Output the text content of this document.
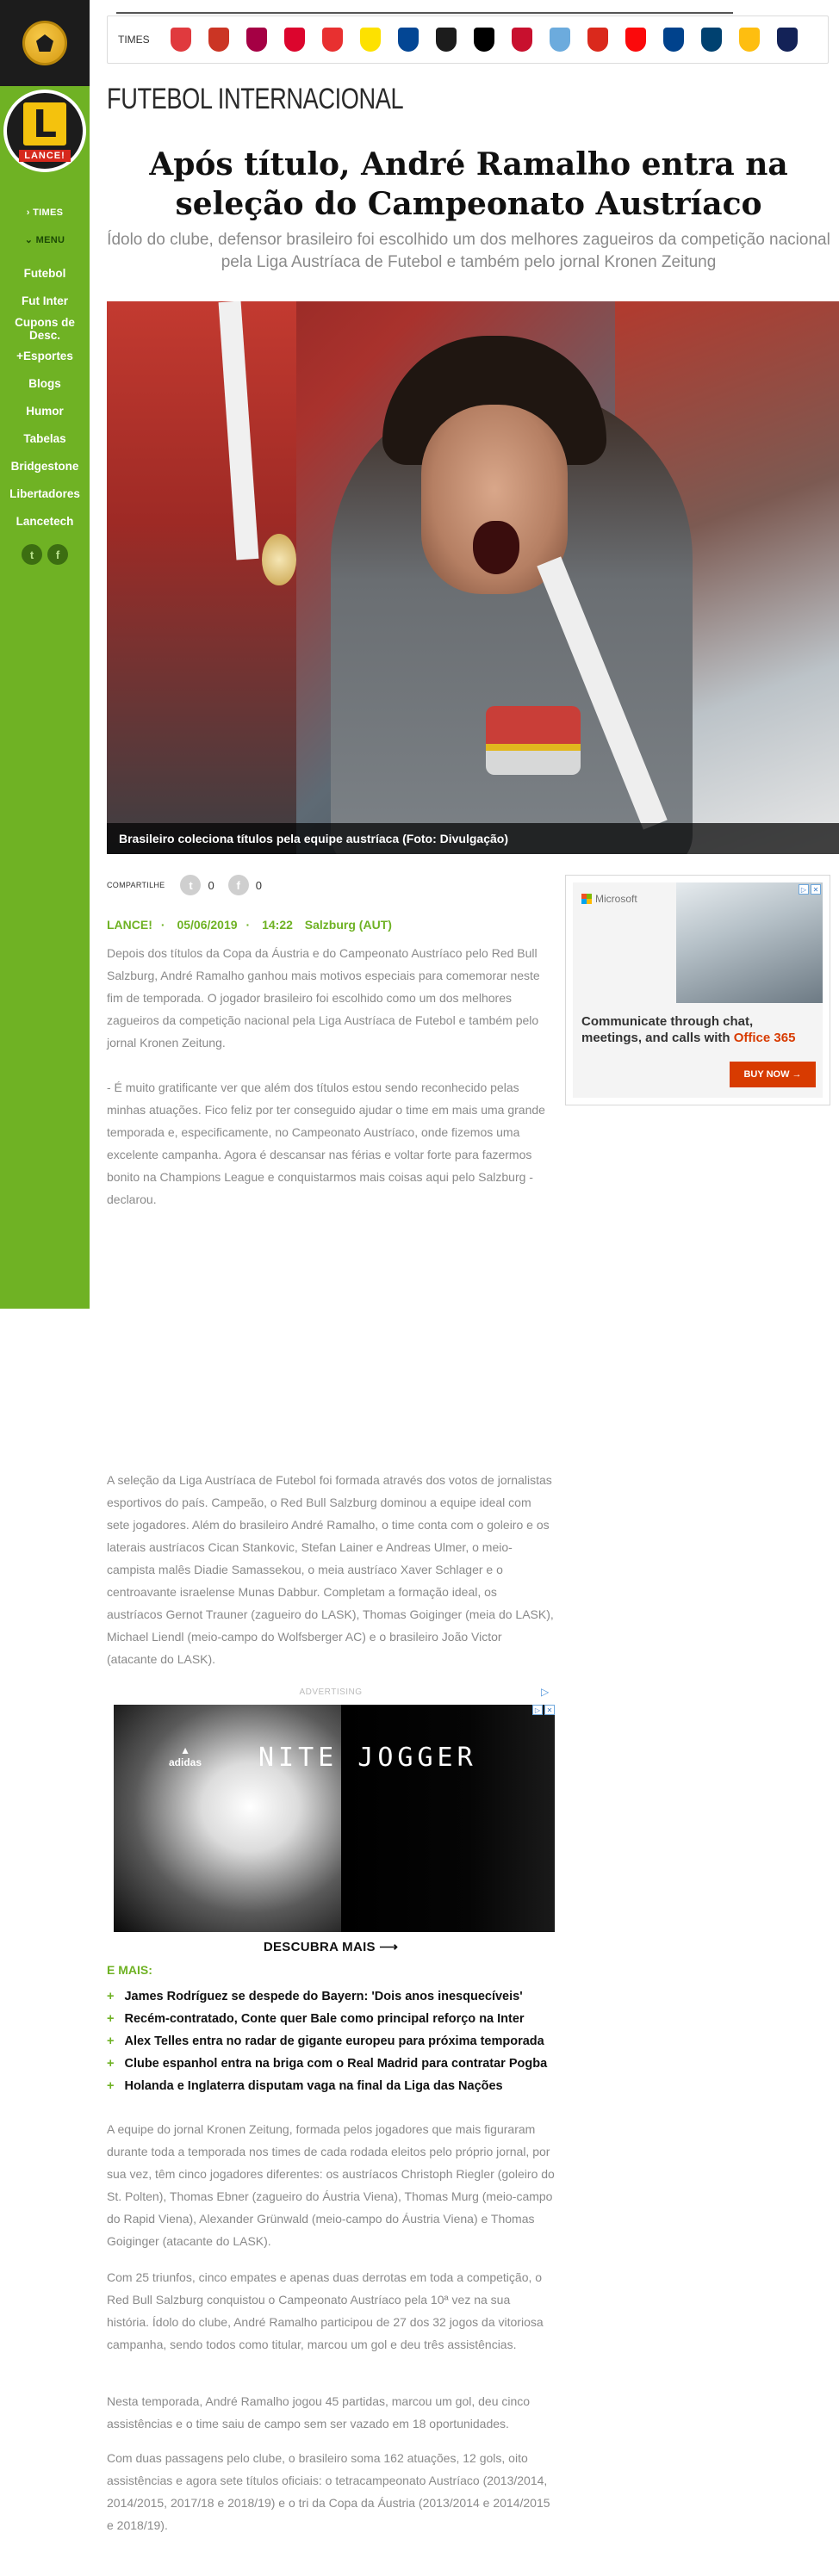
L
LANCE!
› TIMES
⌄ MENU
Futebol
Fut Inter
Cupons de Desc.
+Esportes
Blogs
Humor
Tabelas
Bridgestone
Libertadores
Lancetech
t	f
TIMES
FUTEBOL INTERNACIONAL
Após título, André Ramalho entra na seleção do Campeonato Austríaco

Ídolo do clube, defensor brasileiro foi escolhido um dos melhores zagueiros da competição nacional pela Liga Austríaca de Futebol e também pelo jornal Kronen Zeitung

Brasileiro coleciona títulos pela equipe austríaca (Foto: Divulgação)
COMPARTILHE	t	0	f	0
LANCE! · 05/06/2019 · 14:22 Salzburg (AUT)

Depois dos títulos da Copa da Áustria e do Campeonato Austríaco pelo Red Bull Salzburg, André Ramalho ganhou mais motivos especiais para comemorar neste fim de temporada. O jogador brasileiro foi escolhido como um dos melhores zagueiros da competição nacional pela Liga Austríaca de Futebol e também pelo jornal Kronen Zeitung.

- É muito gratificante ver que além dos títulos estou sendo reconhecido pelas minhas atuações. Fico feliz por ter conseguido ajudar o time em mais uma grande temporada e, especificamente, no Campeonato Austríaco, onde fizemos uma excelente campanha. Agora é descansar nas férias e voltar forte para fazermos bonito na Champions League e conquistarmos mais coisas aqui pelo Salzburg - declarou.

A seleção da Liga Austríaca de Futebol foi formada através dos votos de jornalistas esportivos do país. Campeão, o Red Bull Salzburg dominou a equipe ideal com sete jogadores. Além do brasileiro André Ramalho, o time conta com o goleiro e os laterais austríacos Cican Stankovic, Stefan Lainer e Andreas Ulmer, o meio-campista malês Diadie Samassekou, o meia austríaco Xaver Schlager e o centroavante israelense Munas Dabbur. Completam a formação ideal, os austríacos Gernot Trauner (zagueiro do LASK), Thomas Goiginger (meia do LASK), Michael Liendl (meio-campo do Wolfsberger AC) e o brasileiro João Victor (atacante do LASK).

A equipe do jornal Kronen Zeitung, formada pelos jogadores que mais figuraram durante toda a temporada nos times de cada rodada eleitos pelo próprio jornal, por sua vez, têm cinco jogadores diferentes: os austríacos Christoph Riegler (goleiro do St. Polten), Thomas Ebner (zagueiro do Áustria Viena), Thomas Murg (meio-campo do Rapid Viena), Alexander Grünwald (meio-campo do Áustria Viena) e Thomas Goiginger (atacante do LASK).

Com 25 triunfos, cinco empates e apenas duas derrotas em toda a competição, o Red Bull Salzburg conquistou o Campeonato Austríaco pela 10ª vez na sua história. Ídolo do clube, André Ramalho participou de 27 dos 32 jogos da vitoriosa campanha, sendo todos como titular, marcou um gol e deu três assistências.

Nesta temporada, André Ramalho jogou 45 partidas, marcou um gol, deu cinco assistências e o time saiu de campo sem ser vazado em 18 oportunidades.

Com duas passagens pelo clube, o brasileiro soma 162 atuações, 12 gols, oito assistências e agora sete títulos oficiais: o tetracampeonato Austríaco (2013/2014, 2014/2015, 2017/18 e 2018/19) e o tri da Copa da Áustria (2013/2014 e 2014/2015 e 2018/19).

▷ ✕
Microsoft
Communicate through chat, meetings, and calls with Office 365
BUY NOW →
ADVERTISING	▷
▲
adidas NITE JOGGER
▷ ✕
DESCUBRA MAIS ⟶
E MAIS:
+ James Rodríguez se despede do Bayern: 'Dois anos inesquecíveis'
+ Recém-contratado, Conte quer Bale como principal reforço na Inter
+ Alex Telles entra no radar de gigante europeu para próxima temporada
+ Clube espanhol entra na briga com o Real Madrid para contratar Pogba
+ Holanda e Inglaterra disputam vaga na final da Liga das Nações
